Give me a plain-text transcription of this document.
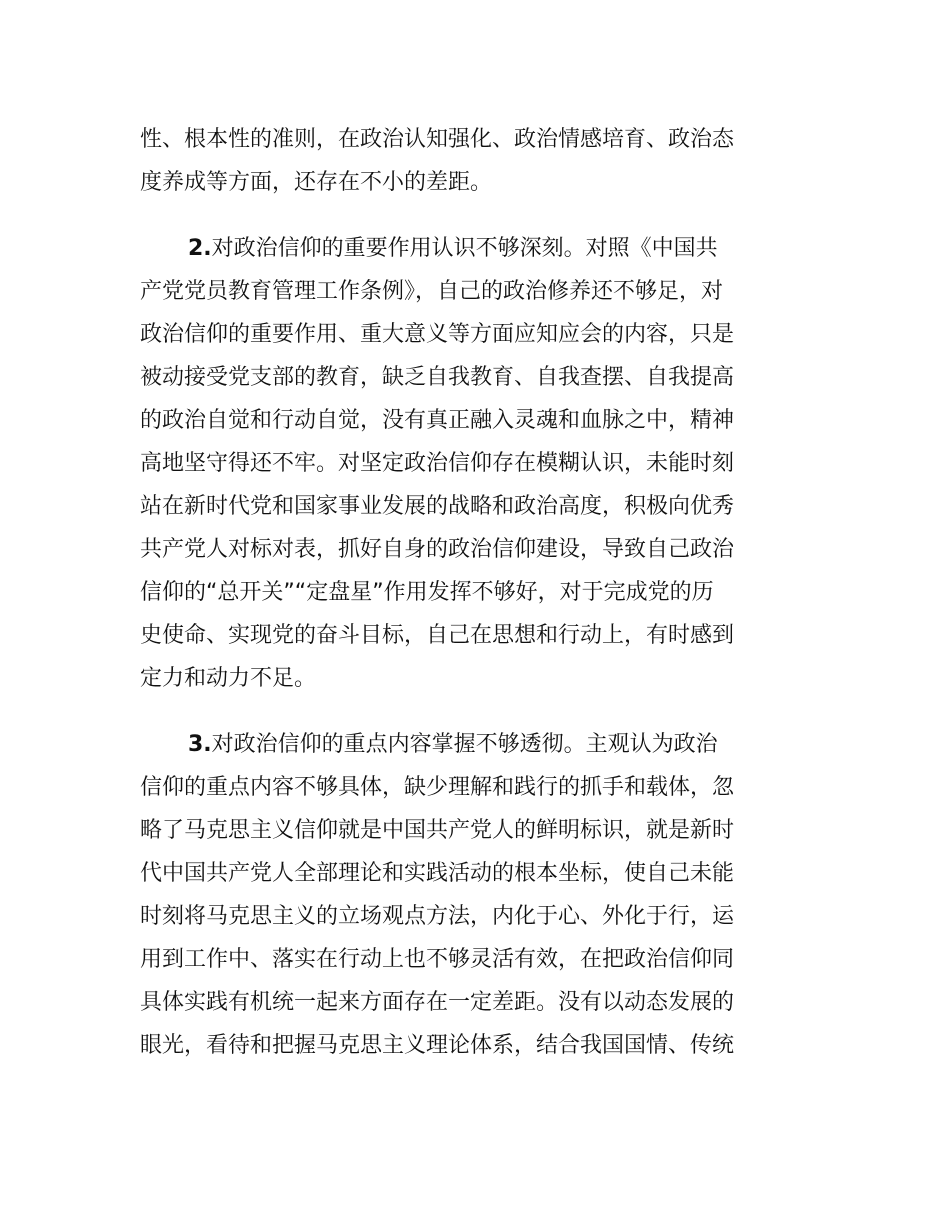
性、根本性的准则，在政治认知强化、政治情感培育、政治态
度养成等方面，还存在不小的差距。
2.对政治信仰的重要作用认识不够深刻。对照《中国共
产党党员教育管理工作条例》，自己的政治修养还不够足，对
政治信仰的重要作用、重大意义等方面应知应会的内容，只是
被动接受党支部的教育，缺乏自我教育、自我查摆、自我提高
的政治自觉和行动自觉，没有真正融入灵魂和血脉之中，精神
高地坚守得还不牢。对坚定政治信仰存在模糊认识，未能时刻
站在新时代党和国家事业发展的战略和政治高度，积极向优秀
共产党人对标对表，抓好自身的政治信仰建设，导致自己政治
信仰的“总开关”“定盘星”作用发挥不够好，对于完成党的历
史使命、实现党的奋斗目标，自己在思想和行动上，有时感到
定力和动力不足。
3.对政治信仰的重点内容掌握不够透彻。主观认为政治
信仰的重点内容不够具体，缺少理解和践行的抓手和载体，忽
略了马克思主义信仰就是中国共产党人的鲜明标识，就是新时
代中国共产党人全部理论和实践活动的根本坐标，使自己未能
时刻将马克思主义的立场观点方法，内化于心、外化于行，运
用到工作中、落实在行动上也不够灵活有效，在把政治信仰同
具体实践有机统一起来方面存在一定差距。没有以动态发展的
眼光，看待和把握马克思主义理论体系，结合我国国情、传统
